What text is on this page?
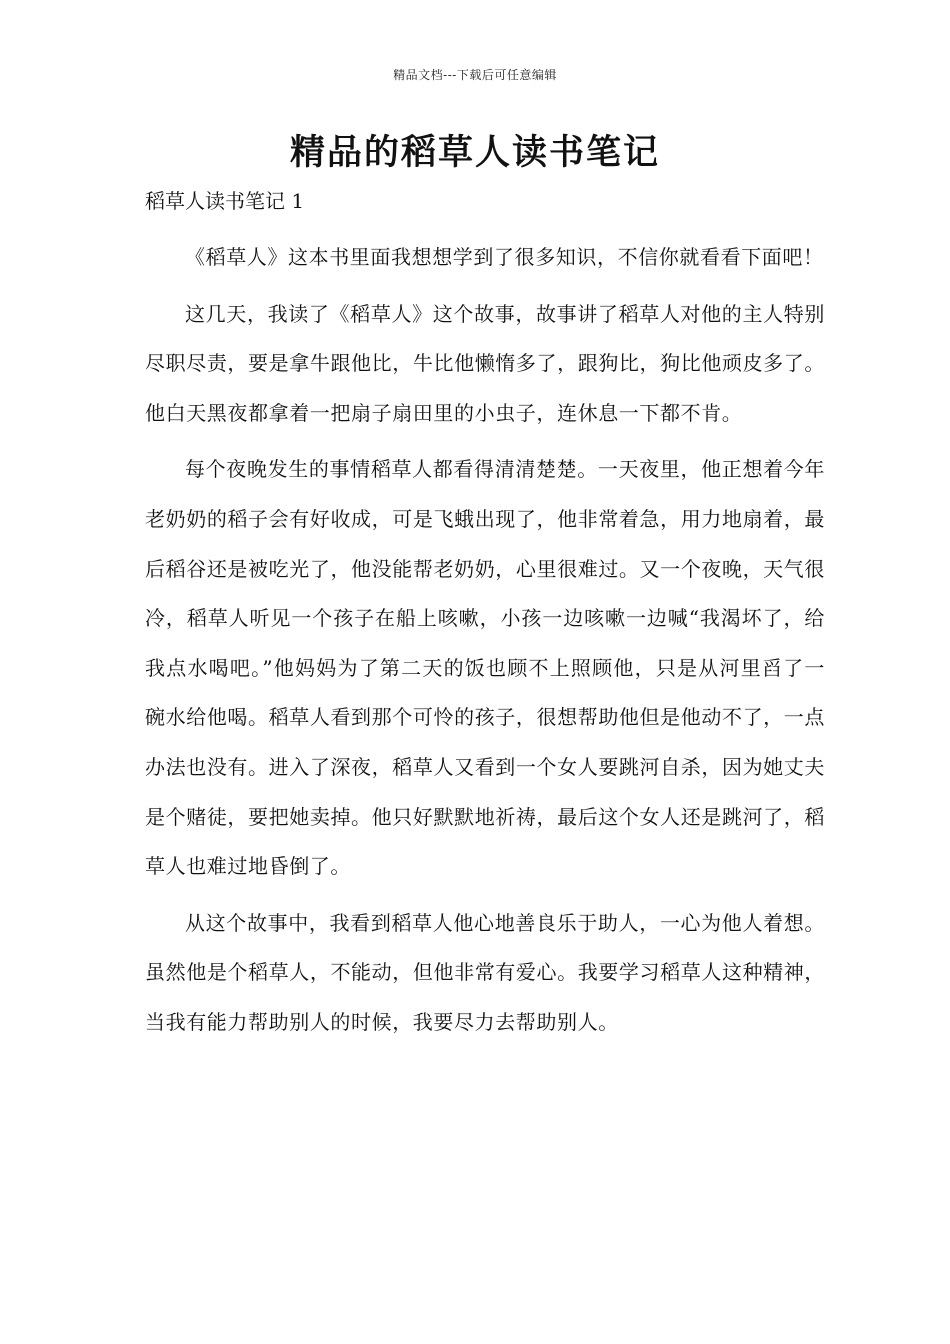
精品文档---下载后可任意编辑
精品的稻草人读书笔记

稻草人读书笔记 1

《稻草人》这本书里面我想想学到了很多知识，不信你就看看下面吧！

这几天，我读了《稻草人》这个故事，故事讲了稻草人对他的主人特别尽职尽责，要是拿牛跟他比，牛比他懒惰多了，跟狗比，狗比他顽皮多了。他白天黑夜都拿着一把扇子扇田里的小虫子，连休息一下都不肯。

每个夜晚发生的事情稻草人都看得清清楚楚。一天夜里，他正想着今年老奶奶的稻子会有好收成，可是飞蛾出现了，他非常着急，用力地扇着，最后稻谷还是被吃光了，他没能帮老奶奶，心里很难过。又一个夜晚，天气很冷，稻草人听见一个孩子在船上咳嗽，小孩一边咳嗽一边喊“我渴坏了，给我点水喝吧。”他妈妈为了第二天的饭也顾不上照顾他，只是从河里舀了一碗水给他喝。稻草人看到那个可怜的孩子，很想帮助他但是他动不了，一点办法也没有。进入了深夜，稻草人又看到一个女人要跳河自杀，因为她丈夫是个赌徒，要把她卖掉。他只好默默地祈祷，最后这个女人还是跳河了，稻草人也难过地昏倒了。

从这个故事中，我看到稻草人他心地善良乐于助人，一心为他人着想。虽然他是个稻草人，不能动，但他非常有爱心。我要学习稻草人这种精神，当我有能力帮助别人的时候，我要尽力去帮助别人。
